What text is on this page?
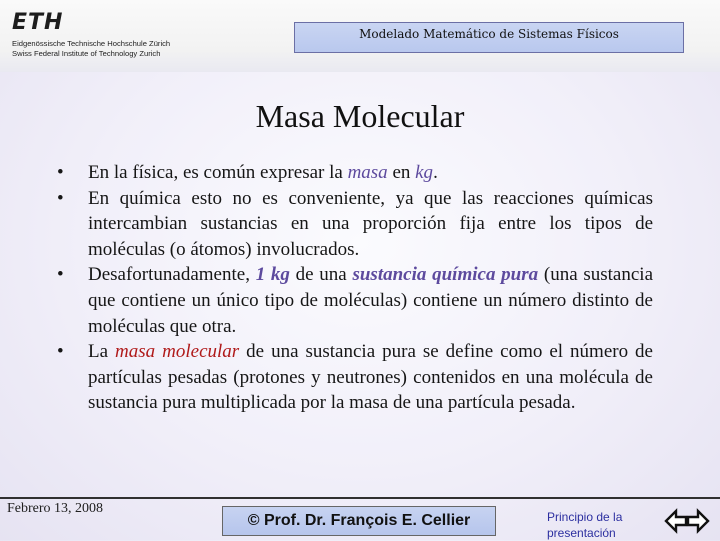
ETH
Eidgenössische Technische Hochschule Zürich
Swiss Federal Institute of Technology Zurich
Modelado Matemático de Sistemas Físicos
Masa Molecular
• En la física, es común expresar la masa en kg.
• En química esto no es conveniente, ya que las reacciones químicas intercambian sustancias en una proporción fija entre los tipos de moléculas (o átomos) involucrados.
• Desafortunadamente, 1 kg de una sustancia química pura (una sustancia que contiene un único tipo de moléculas) contiene un número distinto de moléculas que otra.
• La masa molecular de una sustancia pura se define como el número de partículas pesadas (protones y neutrones) contenidos en una molécula de sustancia pura multiplicada por la masa de una partícula pesada.
Febrero 13, 2008
© Prof. Dr. François E. Cellier	Principio de la presentación
